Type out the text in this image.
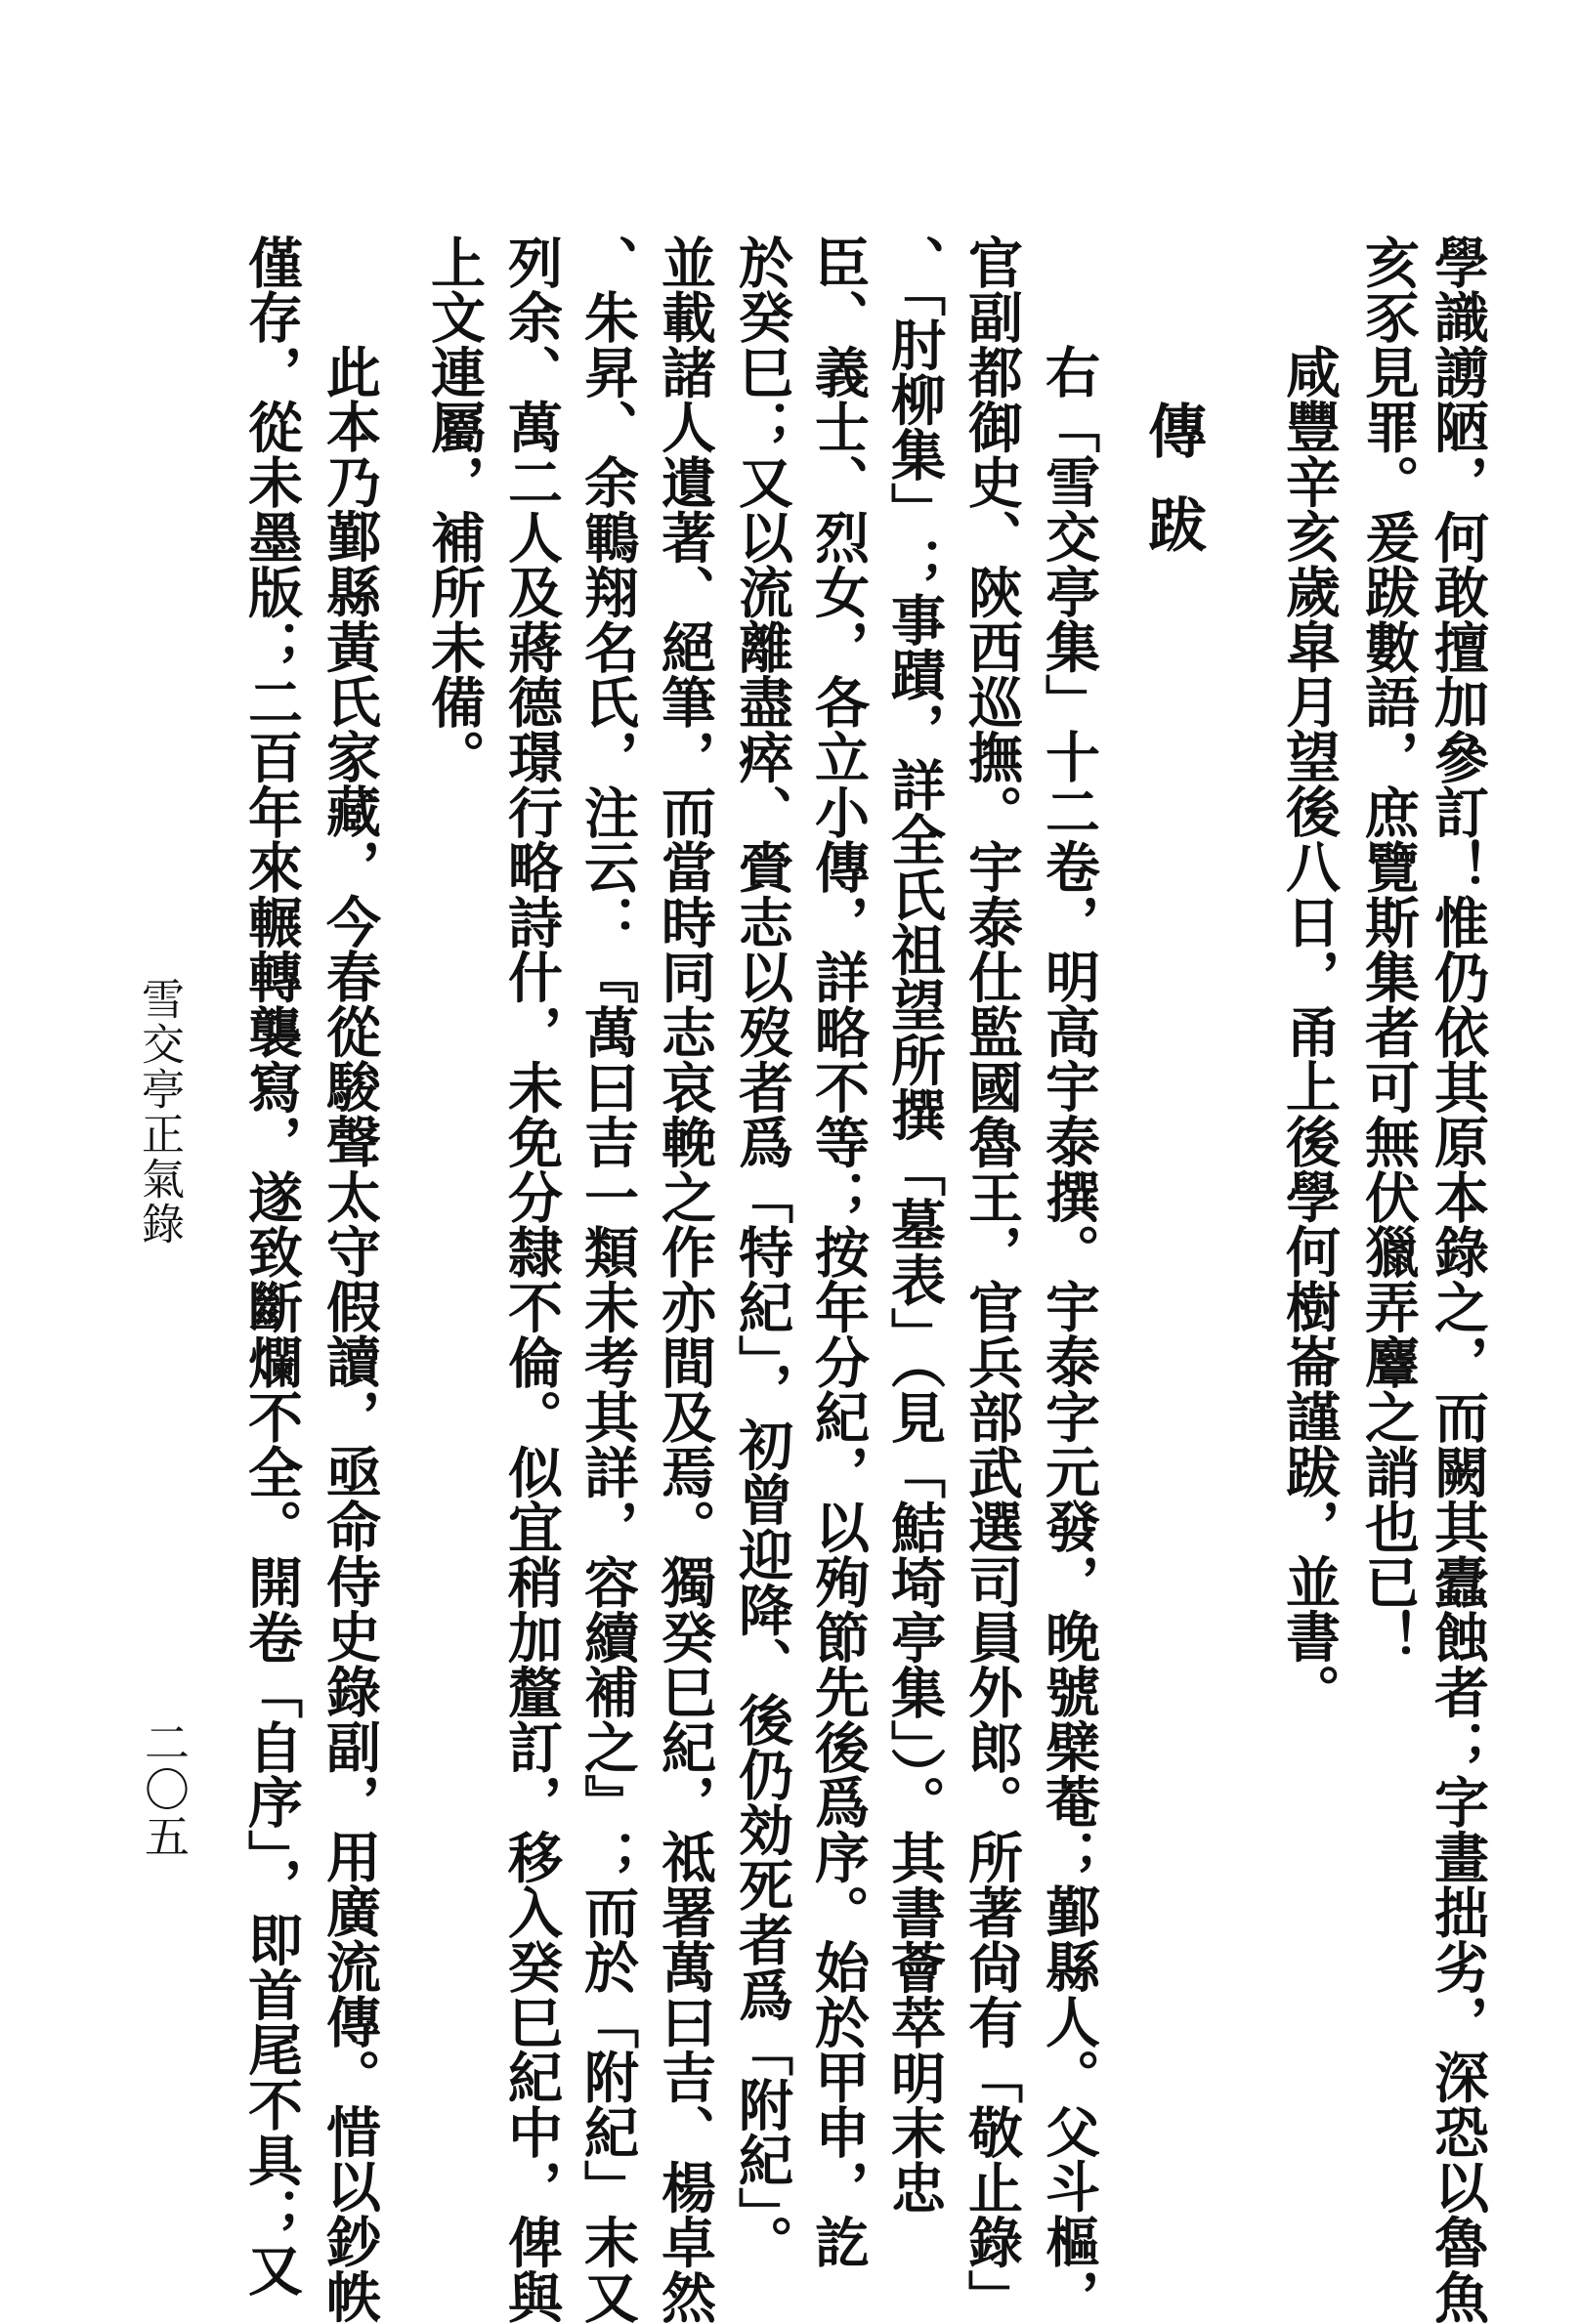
學識謭陋，何敢擅加參訂！惟仍依其原本錄之，而闕其蠹蝕者；字畫拙劣，深恐以魯魚
亥豕見罪。爰跋數語，庶覽斯集者可無伏獵弄麞之誚也已！
咸豐辛亥歲皐月望後八日，甬上後學何樹崙謹跋，並書。
傳跋
右「雪交亭集」十二卷，明高宇泰撰。宇泰字元發，晚號檗菴；鄞縣人。父斗樞，
官副都御史、陝西巡撫。宇泰仕監國魯王，官兵部武選司員外郎。所著尙有「敬止錄」
、「肘柳集」；事蹟，詳全氏祖望所撰「墓表」（見「鮚埼亭集」）。其書薈萃明末忠
臣、義士、烈女，各立小傳，詳略不等；按年分紀，以殉節先後爲序。始於甲申，訖
於癸巳；又以流離盡瘁、賫志以歿者爲「特紀」，初曾迎降、後仍効死者爲「附紀」。
並載諸人遺著、絕筆，而當時同志哀輓之作亦間及焉。獨癸巳紀，祗署萬曰吉、楊卓然
、朱昇、余鶤翔名氏，注云：『萬曰吉一類未考其詳，容續補之』；而於「附紀」末又
列余、萬二人及蔣德璟行略詩什，未免分隸不倫。似宜稍加釐訂，移入癸巳紀中，俾與
上文連屬，補所未備。
此本乃鄞縣黃氏家藏，今春從駿聲太守假讀，亟命侍史錄副，用廣流傳。惜以鈔帙
僅存，從未墨版；二百年來輾轉襲寫，遂致斷爛不全。開卷「自序」，即首尾不具；又
雪交亭正氣錄
二〇五
